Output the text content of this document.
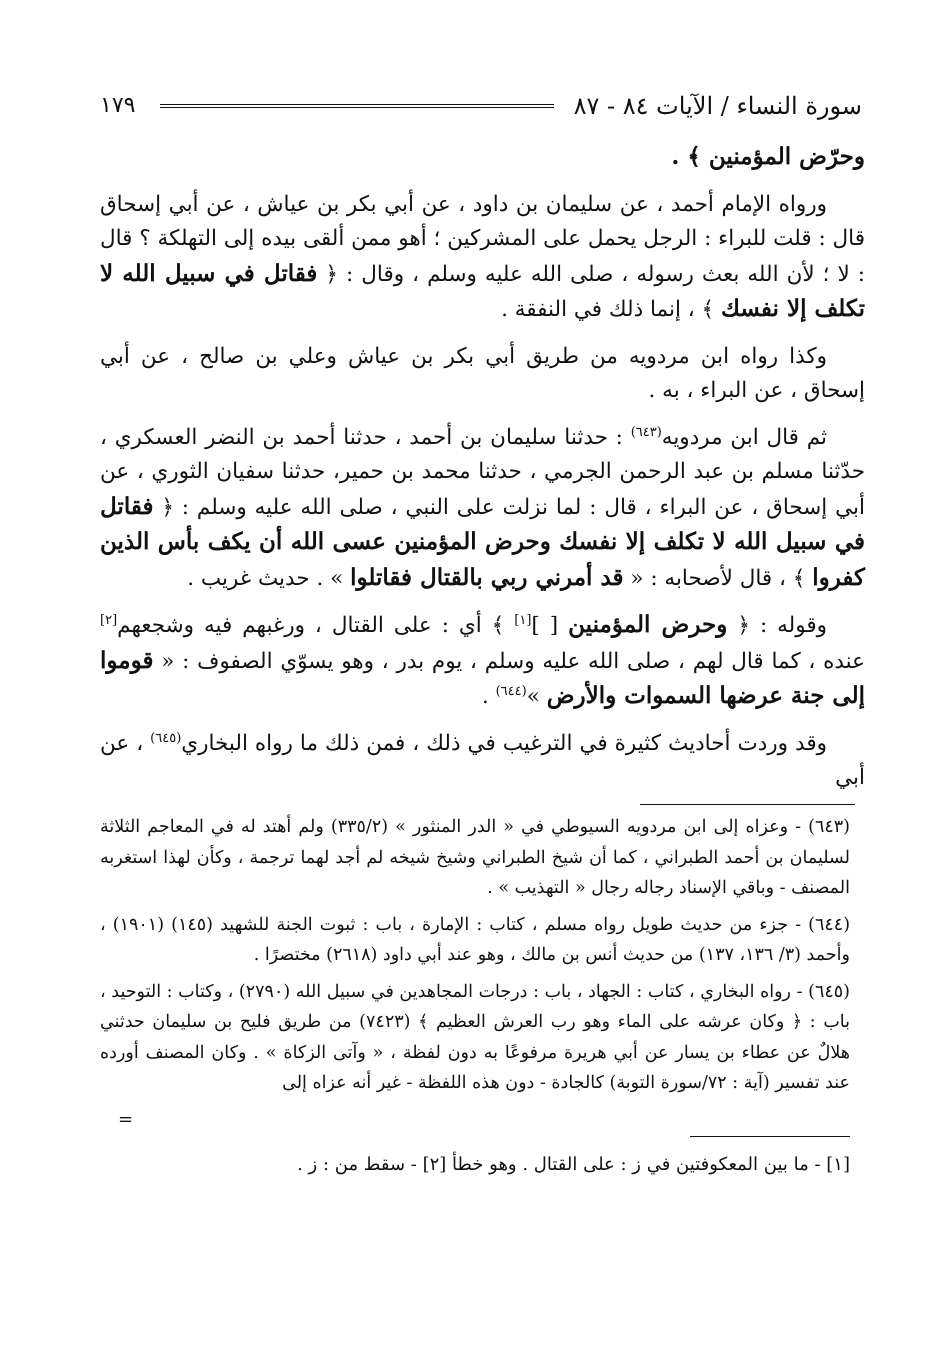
سورة النساء / الآيات ٨٤ - ٨٧
١٧٩

وحرّض المؤمنين ﴾ .

ورواه الإمام أحمد ، عن سليمان بن داود ، عن أبي بكر بن عياش ، عن أبي إسحاق قال : قلت للبراء : الرجل يحمل على المشركين ؛ أهو ممن ألقى بيده إلى التهلكة ؟ قال : لا ؛ لأن الله بعث رسوله ، صلى الله عليه وسلم ، وقال : ﴿ فقاتل في سبيل الله لا تكلف إلا نفسك ﴾ ، إنما ذلك في النفقة .

وكذا رواه ابن مردويه من طريق أبي بكر بن عياش وعلي بن صالح ، عن أبي إسحاق ، عن البراء ، به .

ثم قال ابن مردويه$^{(٦٤٣)}$ : حدثنا سليمان بن أحمد ، حدثنا أحمد بن النضر العسكري ، حدّثنا مسلم بن عبد الرحمن الجرمي ، حدثنا محمد بن حمير، حدثنا سفيان الثوري ، عن أبي إسحاق ، عن البراء ، قال : لما نزلت على النبي ، صلى الله عليه وسلم : ﴿ فقاتل في سبيل الله لا تكلف إلا نفسك وحرض المؤمنين عسى الله أن يكف بأس الذين كفروا ﴾ ، قال لأصحابه : « قد أمرني ربي بالقتال فقاتلوا » . حديث غريب .

وقوله : ﴿ وحرض المؤمنين [ ][١] ﴾ أي : على القتال ، ورغبهم فيه وشجعهم[٢] عنده ، كما قال لهم ، صلى الله عليه وسلم ، يوم بدر ، وهو يسوّي الصفوف : « قوموا إلى جنة عرضها السموات والأرض »$^{(٦٤٤)}$ .

وقد وردت أحاديث كثيرة في الترغيب في ذلك ، فمن ذلك ما رواه البخاري$^{(٦٤٥)}$ ، عن أبي

(٦٤٣) - وعزاه إلى ابن مردويه السيوطي في « الدر المنثور » (٣٣٥/٢) ولم أهتد له في المعاجم الثلاثة لسليمان بن أحمد الطبراني ، كما أن شيخ الطبراني وشيخ شيخه لم أجد لهما ترجمة ، وكأن لهذا استغربه المصنف - وباقي الإسناد رجاله رجال « التهذيب » .

(٦٤٤) - جزء من حديث طويل رواه مسلم ، كتاب : الإمارة ، باب : ثبوت الجنة للشهيد (١٤٥) (١٩٠١) ، وأحمد (٣/ ١٣٦، ١٣٧) من حديث أنس بن مالك ، وهو عند أبي داود (٢٦١٨) مختصرًا .

(٦٤٥) - رواه البخاري ، كتاب : الجهاد ، باب : درجات المجاهدين في سبيل الله (٢٧٩٠) ، وكتاب : التوحيد ، باب : ﴿ وكان عرشه على الماء وهو رب العرش العظيم ﴾ (٧٤٢٣) من طريق فليح بن سليمان حدثني هلالٌ عن عطاء بن يسار عن أبي هريرة مرفوعًا به دون لفظة ، « وآتى الزكاة » . وكان المصنف أورده عند تفسير (آية : ٧٢/سورة التوبة) كالجادة - دون هذه اللفظة - غير أنه عزاه إلى

=
[١] - ما بين المعكوفتين في ز : على القتال . وهو خطأ [٢] - سقط من : ز .
